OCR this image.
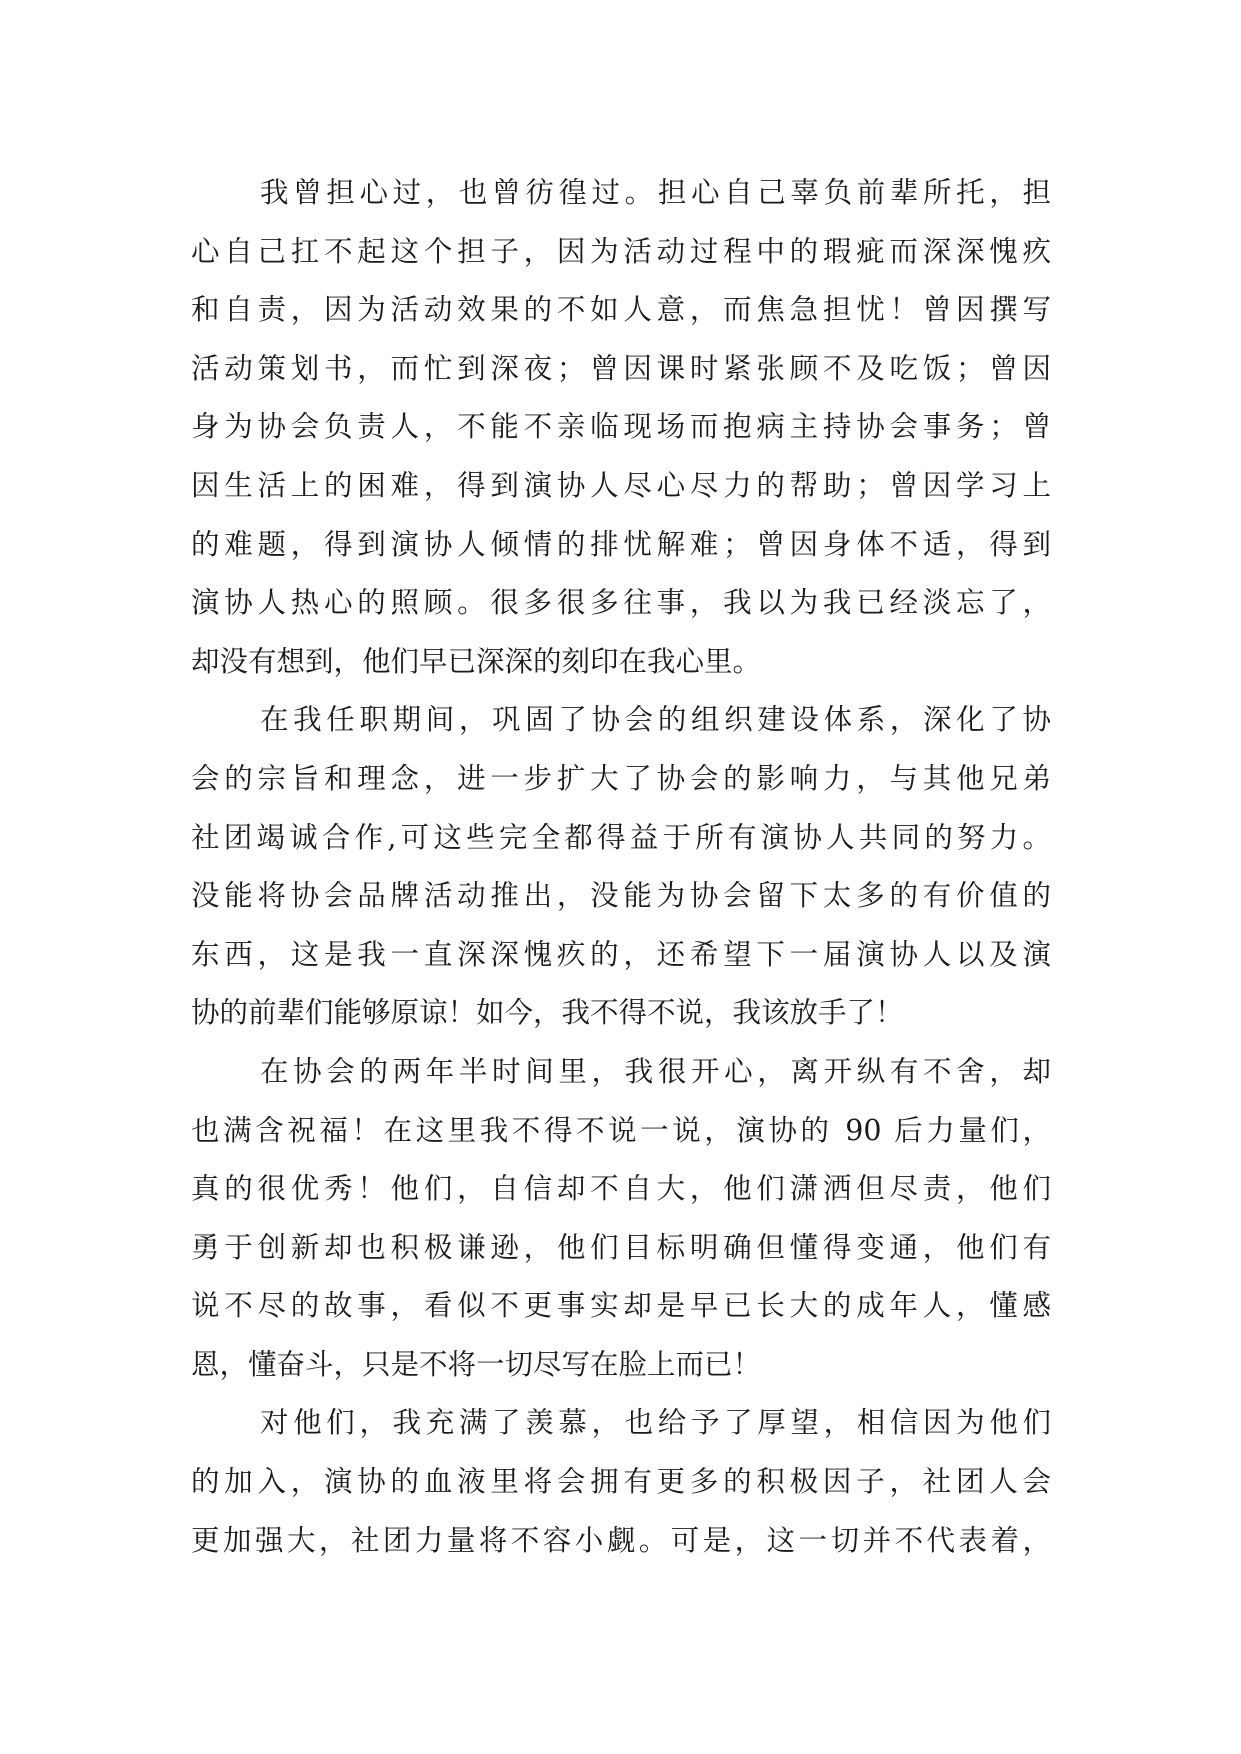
我曾担心过，也曾彷徨过。担心自己辜负前辈所托，担
心自己扛不起这个担子，因为活动过程中的瑕疵而深深愧疚
和自责，因为活动效果的不如人意，而焦急担忧！曾因撰写
活动策划书，而忙到深夜；曾因课时紧张顾不及吃饭；曾因
身为协会负责人，不能不亲临现场而抱病主持协会事务；曾
因生活上的困难，得到演协人尽心尽力的帮助；曾因学习上
的难题，得到演协人倾情的排忧解难；曾因身体不适，得到
演协人热心的照顾。很多很多往事，我以为我已经淡忘了，
却没有想到，他们早已深深的刻印在我心里。
在我任职期间，巩固了协会的组织建设体系，深化了协
会的宗旨和理念，进一步扩大了协会的影响力，与其他兄弟
社团竭诚合作,可这些完全都得益于所有演协人共同的努力。
没能将协会品牌活动推出，没能为协会留下太多的有价值的
东西，这是我一直深深愧疚的，还希望下一届演协人以及演
协的前辈们能够原谅！如今，我不得不说，我该放手了！
在协会的两年半时间里，我很开心，离开纵有不舍，却
也满含祝福！在这里我不得不说一说，演协的 90 后力量们，
真的很优秀！他们，自信却不自大，他们潇洒但尽责，他们
勇于创新却也积极谦逊，他们目标明确但懂得变通，他们有
说不尽的故事，看似不更事实却是早已长大的成年人，懂感
恩，懂奋斗，只是不将一切尽写在脸上而已！
对他们，我充满了羡慕，也给予了厚望，相信因为他们
的加入，演协的血液里将会拥有更多的积极因子，社团人会
更加强大，社团力量将不容小觑。可是，这一切并不代表着，
